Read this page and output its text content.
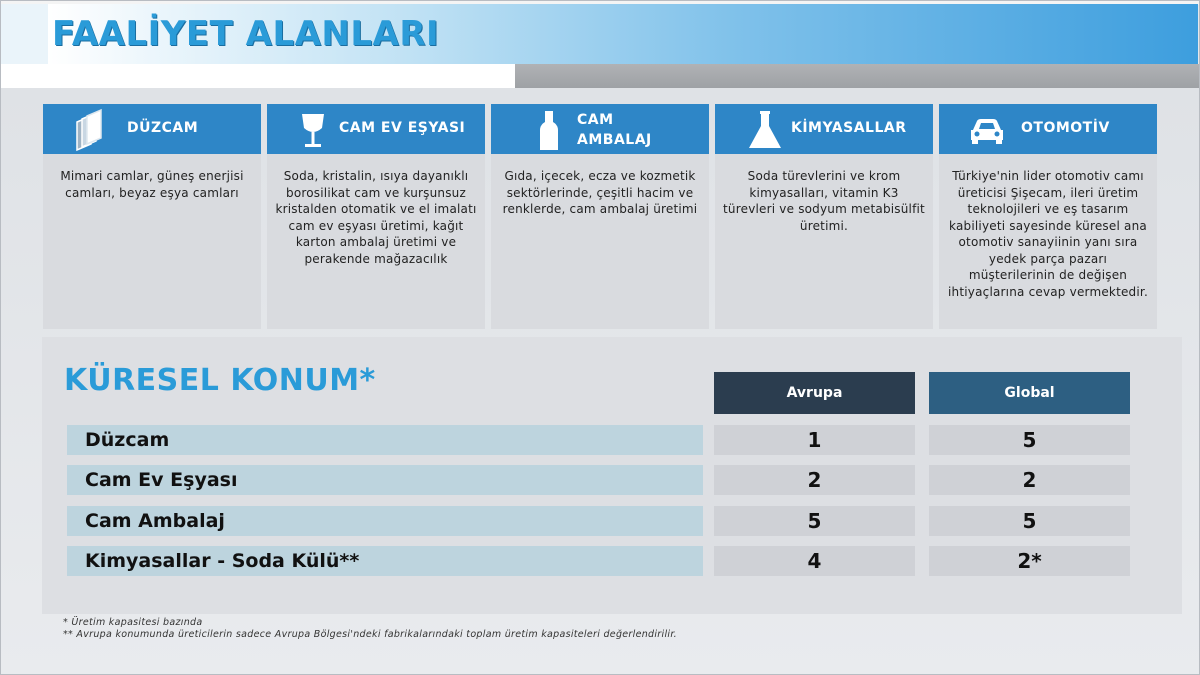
FAALİYET ALANLARI
DÜZCAM
Mimari camlar, güneş enerjisi camları, beyaz eşya camları
CAM EV EŞYASI
Soda, kristalin, ısıya dayanıklı borosilikat cam ve kurşunsuz kristalden otomatik ve el imalatı cam ev eşyası üretimi, kağıt karton ambalaj üretimi ve perakende mağazacılık
CAM
AMBALAJ
Gıda, içecek, ecza ve kozmetik sektörlerinde, çeşitli hacim ve renklerde, cam ambalaj üretimi
KİMYASALLAR
Soda türevlerini ve krom kimyasalları, vitamin K3 türevleri ve sodyum metabisülfit üretimi.
OTOMOTİV
Türkiye'nin lider otomotiv camı üreticisi Şişecam, ileri üretim teknolojileri ve eş tasarım kabiliyeti sayesinde küresel ana otomotiv sanayiinin yanı sıra yedek parça pazarı müşterilerinin de değişen ihtiyaçlarına cevap vermektedir.
KÜRESEL KONUM*	Avrupa	Global
Düzcam	1	5
Cam Ev Eşyası	2	2
Cam Ambalaj	5	5
Kimyasallar - Soda Külü**	4	2*
* Üretim kapasitesi bazında
** Avrupa konumunda üreticilerin sadece Avrupa Bölgesi'ndeki fabrikalarındaki toplam üretim kapasiteleri değerlendirilir.
